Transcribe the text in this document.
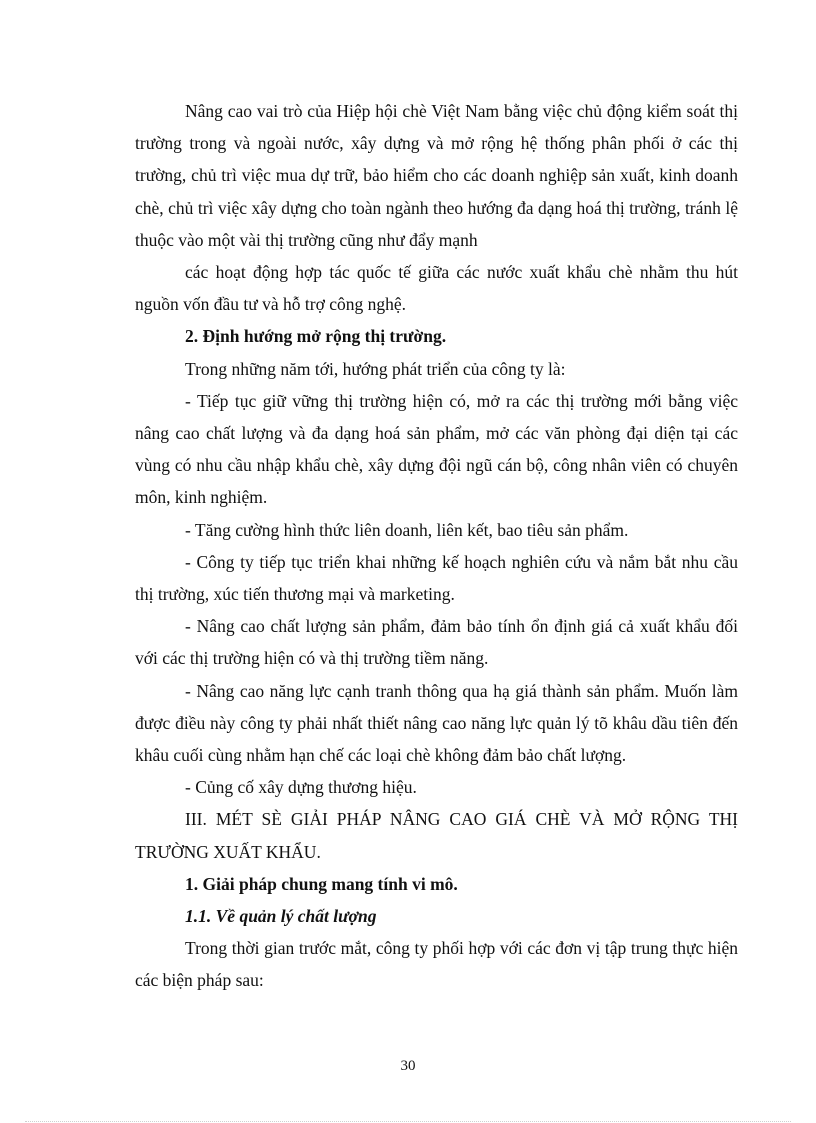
Nâng cao vai trò của Hiệp hội chè Việt Nam bằng việc chủ động kiểm soát thị trường trong và ngoài nước, xây dựng và mở rộng hệ thống phân phối ở các thị trường, chủ trì việc mua dự trữ, bảo hiểm cho các doanh nghiệp sản xuất, kinh doanh chè, chủ trì việc xây dựng cho toàn ngành theo hướng đa dạng hoá thị trường, tránh lệ thuộc vào một vài thị trường cũng như đẩy mạnh

các hoạt động hợp tác quốc tế giữa các nước xuất khẩu chè nhằm thu hút nguồn vốn đầu tư và hỗ trợ công nghệ.

2. Định hướng mở rộng thị trường.

Trong những năm tới, hướng phát triển của công ty là:

- Tiếp tục giữ vững thị trường hiện có, mở ra các thị trường mới bằng việc nâng cao chất lượng và đa dạng hoá sản phẩm, mở các văn phòng đại diện tại các vùng có nhu cầu nhập khẩu chè, xây dựng đội ngũ cán bộ, công nhân viên có chuyên môn, kinh nghiệm.

- Tăng cường hình thức liên doanh, liên kết, bao tiêu sản phẩm.

- Công ty tiếp tục triển khai những kế hoạch nghiên cứu và nắm bắt nhu cầu thị trường, xúc tiến thương mại và marketing.

- Nâng cao chất lượng sản phẩm, đảm bảo tính ổn định giá cả xuất khẩu đối với các thị trường hiện có và thị trường tiềm năng.

- Nâng cao năng lực cạnh tranh thông qua hạ giá thành sản phẩm. Muốn làm được điều này công ty phải nhất thiết nâng cao năng lực quản lý tõ khâu dầu tiên đến khâu cuối cùng nhằm hạn chế các loại chè không đảm bảo chất lượng.

- Củng cố xây dựng thương hiệu.

III. MÉT SÈ GIẢI PHÁP NÂNG CAO GIÁ CHÈ VÀ MỞ RỘNG THỊ TRƯỜNG XUẤT KHẨU.

1. Giải pháp chung mang tính vi mô.

1.1. Về quản lý chất lượng

Trong thời gian trước mắt, công ty phối hợp với các đơn vị tập trung thực hiện các biện pháp sau:

30
